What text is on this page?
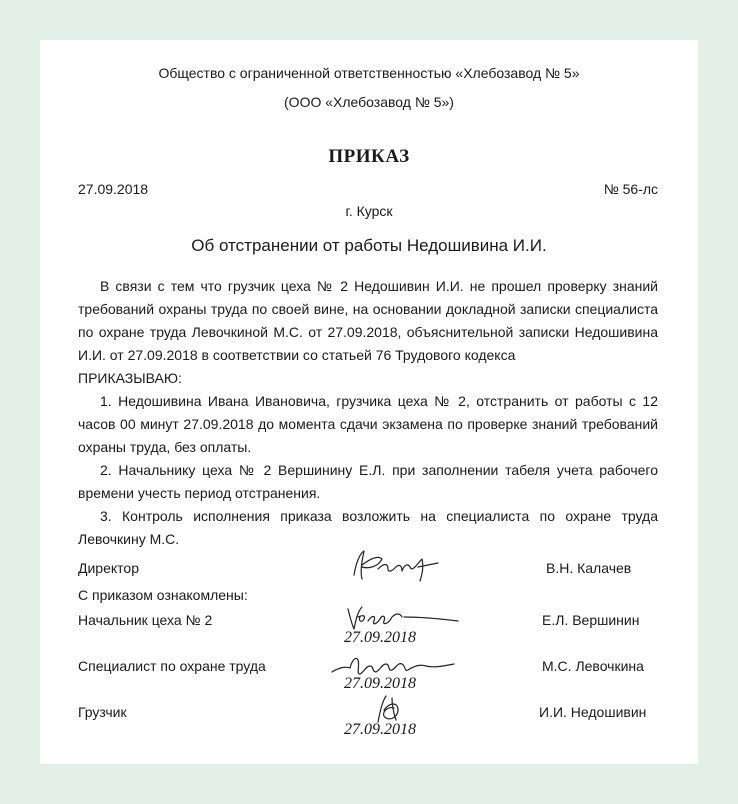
Общество с ограниченной ответственностью «Хлебозавод № 5»
(ООО «Хлебозавод № 5»)
ПРИКАЗ
27.09.2018	№ 56-лс
г. Курск
Об отстранении от работы Недошивина И.И.
В связи с тем что грузчик цеха № 2 Недошивин И.И. не прошел проверку знаний требований охраны труда по своей вине, на основании докладной записки специалиста по охране труда Левочкиной М.С. от 27.09.2018, объяснительной записки Недошивина И.И. от 27.09.2018 в соответствии со статьей 76 Трудового кодекса
ПРИКАЗЫВАЮ:
1. Недошивина Ивана Ивановича, грузчика цеха № 2, отстранить от работы с 12 часов 00 минут 27.09.2018 до момента сдачи экзамена по проверке знаний требований охраны труда, без оплаты.
2. Начальнику цеха № 2 Вершинину Е.Л. при заполнении табеля учета рабочего времени учесть период отстранения.
3. Контроль исполнения приказа возложить на специалиста по охране труда Левочкину М.С.
Директор	В.Н. Калачев
С приказом ознакомлены:
Начальник цеха № 2
27.09.2018
Е.Л. Вершинин
Специалист по охране труда
27.09.2018
М.С. Левочкина
Грузчик
27.09.2018
И.И. Недошивин
